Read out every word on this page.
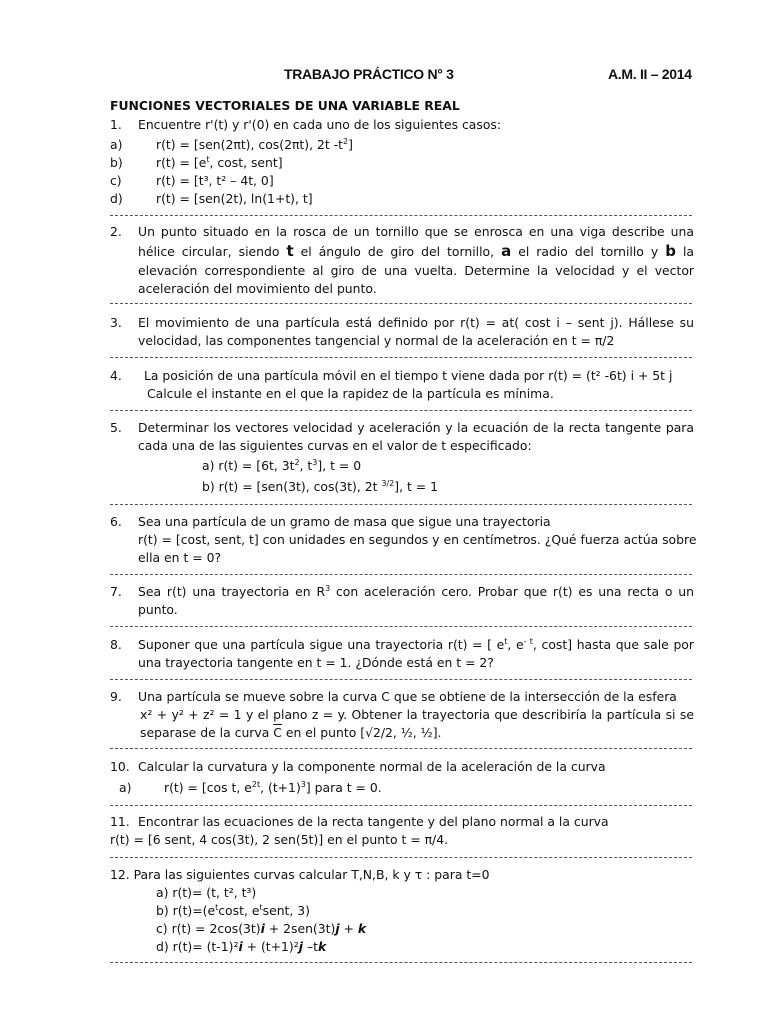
TRABAJO PRÁCTICO N° 3	A.M. II – 2014
FUNCIONES VECTORIALES DE UNA VARIABLE REAL
1. Encuentre r'(t) y r'(0) en cada uno de los siguientes casos:
a)	r(t) = [sen(2πt), cos(2πt), 2t $-t^2$]
b)	$r(t) = [e^t$, cost, sent]
c)	r(t) = [t³, t² – 4t, 0]
d)	r(t) = [sen(2t), ln(1+t), t]
2. Un punto situado en la rosca de un tornillo que se enrosca en una viga describe una
hélice circular, siendo t el ángulo de giro del tornillo, a el radio del tornillo y b la
elevación correspondiente al giro de una vuelta. Determine la velocidad y el vector
aceleración del movimiento del punto.
3. El movimiento de una partícula está definido por r(t) = at( cost i – sent j). Hállese su
velocidad, las componentes tangencial y normal de la aceleración en t = π/2
4. La posición de una partícula móvil en el tiempo t viene dada por r(t) = (t² -6t) i + 5t j
Calcule el instante en el que la rapidez de la partícula es mínima.
5. Determinar los vectores velocidad y aceleración y la ecuación de la recta tangente para
cada una de las siguientes curvas en el valor de t especificado:
a) r(t) = [6t, $3t^2$, $t^3$], t = 0
b) r(t) = [sen(3t), cos(3t), 2t $^{3/2}$], t = 1
6. Sea una partícula de un gramo de masa que sigue una trayectoria
r(t) = [cost, sent, t] con unidades en segundos y en centímetros. ¿Qué fuerza actúa sobre
ella en t = 0?
7. Sea r(t) una trayectoria en $R^3$ con aceleración cero. Probar que r(t) es una recta o un
punto.
8. Suponer que una partícula sigue una trayectoria r(t) = [ $e^t$, $e^{- t}$, cost] hasta que sale por
una trayectoria tangente en t = 1. ¿Dónde está en t = 2?
9. Una partícula se mueve sobre la curva C que se obtiene de la intersección de la esfera
x² + y² + z² = 1 y el plano z = y. Obtener la trayectoria que describiría la partícula si se
separase de la curva $\overline{C}$ en el punto [√2/2, ½, ½].
10. Calcular la curvatura y la componente normal de la aceleración de la curva
a)	r(t) = [cos t, $e^{2t}$, $(t+1)^3$] para t = 0.
11. Encontrar las ecuaciones de la recta tangente y del plano normal a la curva
r(t) = [6 sent, 4 cos(3t), 2 sen(5t)] en el punto t = π/4.
12. Para las siguientes curvas calcular T,N,B, k y τ : para t=0
a) r(t)= (t, t², t³)
b) $r(t)=(e^t\cos t$, $e^tsent$, 3)
c) r(t) = 2cos(3t)i + 2sen(3t)j + k
d) r(t)= (t-1)²i + (t+1)²j –tk
